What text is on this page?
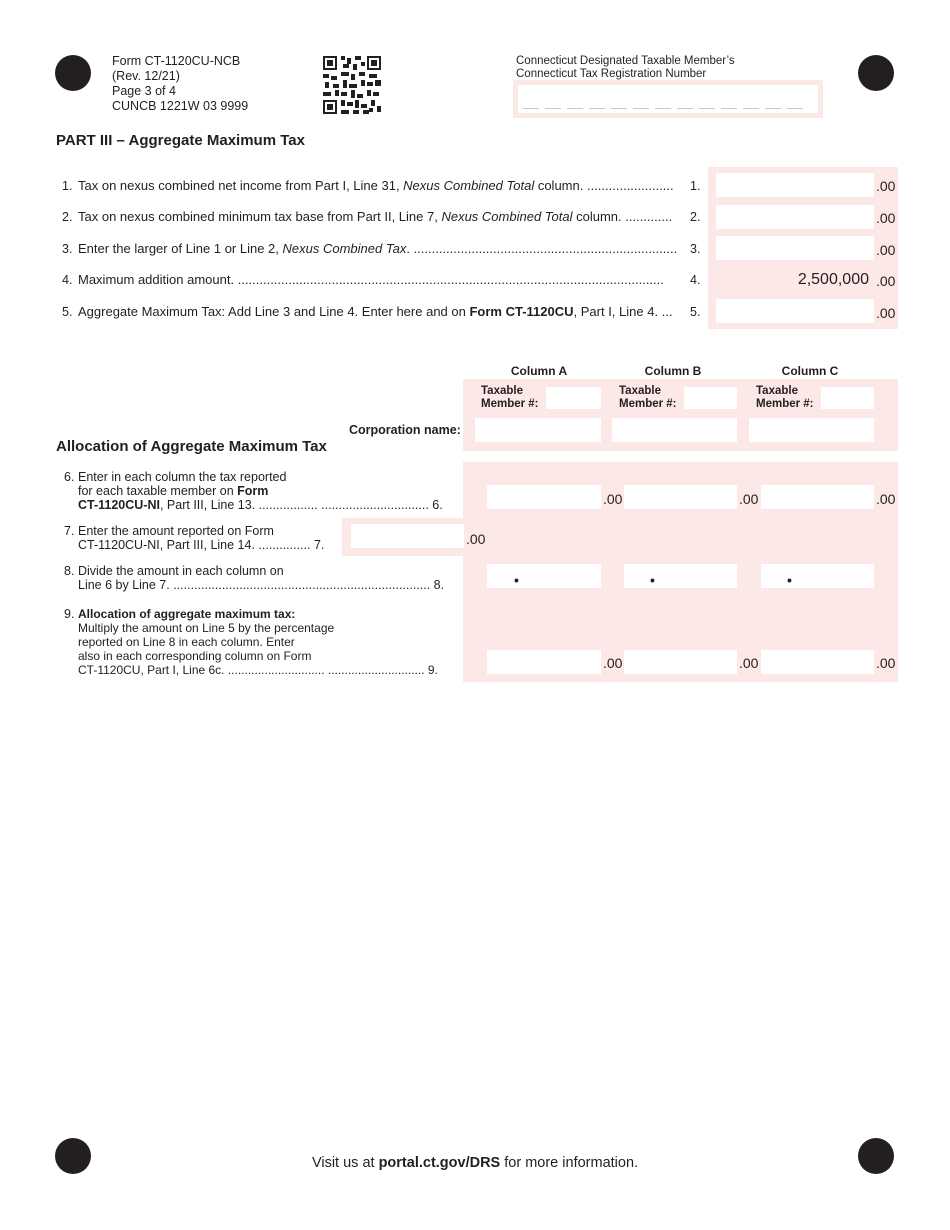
Form CT-1120CU-NCB
(Rev. 12/21)
Page 3 of 4
CUNCB 1221W 03 9999
Connecticut Designated Taxable Member’s
Connecticut Tax Registration Number
PART III – Aggregate Maximum Tax
1. Tax on nexus combined net income from Part I, Line 31, Nexus Combined Total column. ........................ 1.	.00
2. Tax on nexus combined minimum tax base from Part II, Line 7, Nexus Combined Total column. ............. 2.	.00
3. Enter the larger of Line 1 or Line 2, Nexus Combined Tax. ......................................................................... 3.	.00
4. Maximum addition amount. ...................................................................................................................... 4.	2,500,000 .00
5. Aggregate Maximum Tax: Add Line 3 and Line 4. Enter here and on Form CT-1120CU, Part I, Line 4. ... 5.	.00
Column A	Column B	Column C
Taxable
Member #:
Taxable
Member #:
Taxable
Member #:
Corporation name:
Allocation of Aggregate Maximum Tax
6. Enter in each column the tax reported
for each taxable member on Form
CT-1120CU-NI, Part III, Line 13. ................. ............................... 6.	.00	.00	.00
7. Enter the amount reported on Form
CT-1120CU-NI, Part III, Line 14. ............... 7.	.00
8. Divide the amount in each column on
Line 6 by Line 7. .......................................................................... 8.	•	•	•
9. Allocation of aggregate maximum tax:
Multiply the amount on Line 5 by the percentage
reported on Line 8 in each column. Enter
also in each corresponding column on Form
CT-1120CU, Part I, Line 6c. ............................. ............................. 9.	.00	.00	.00
Visit us at portal.ct.gov/DRS for more information.
